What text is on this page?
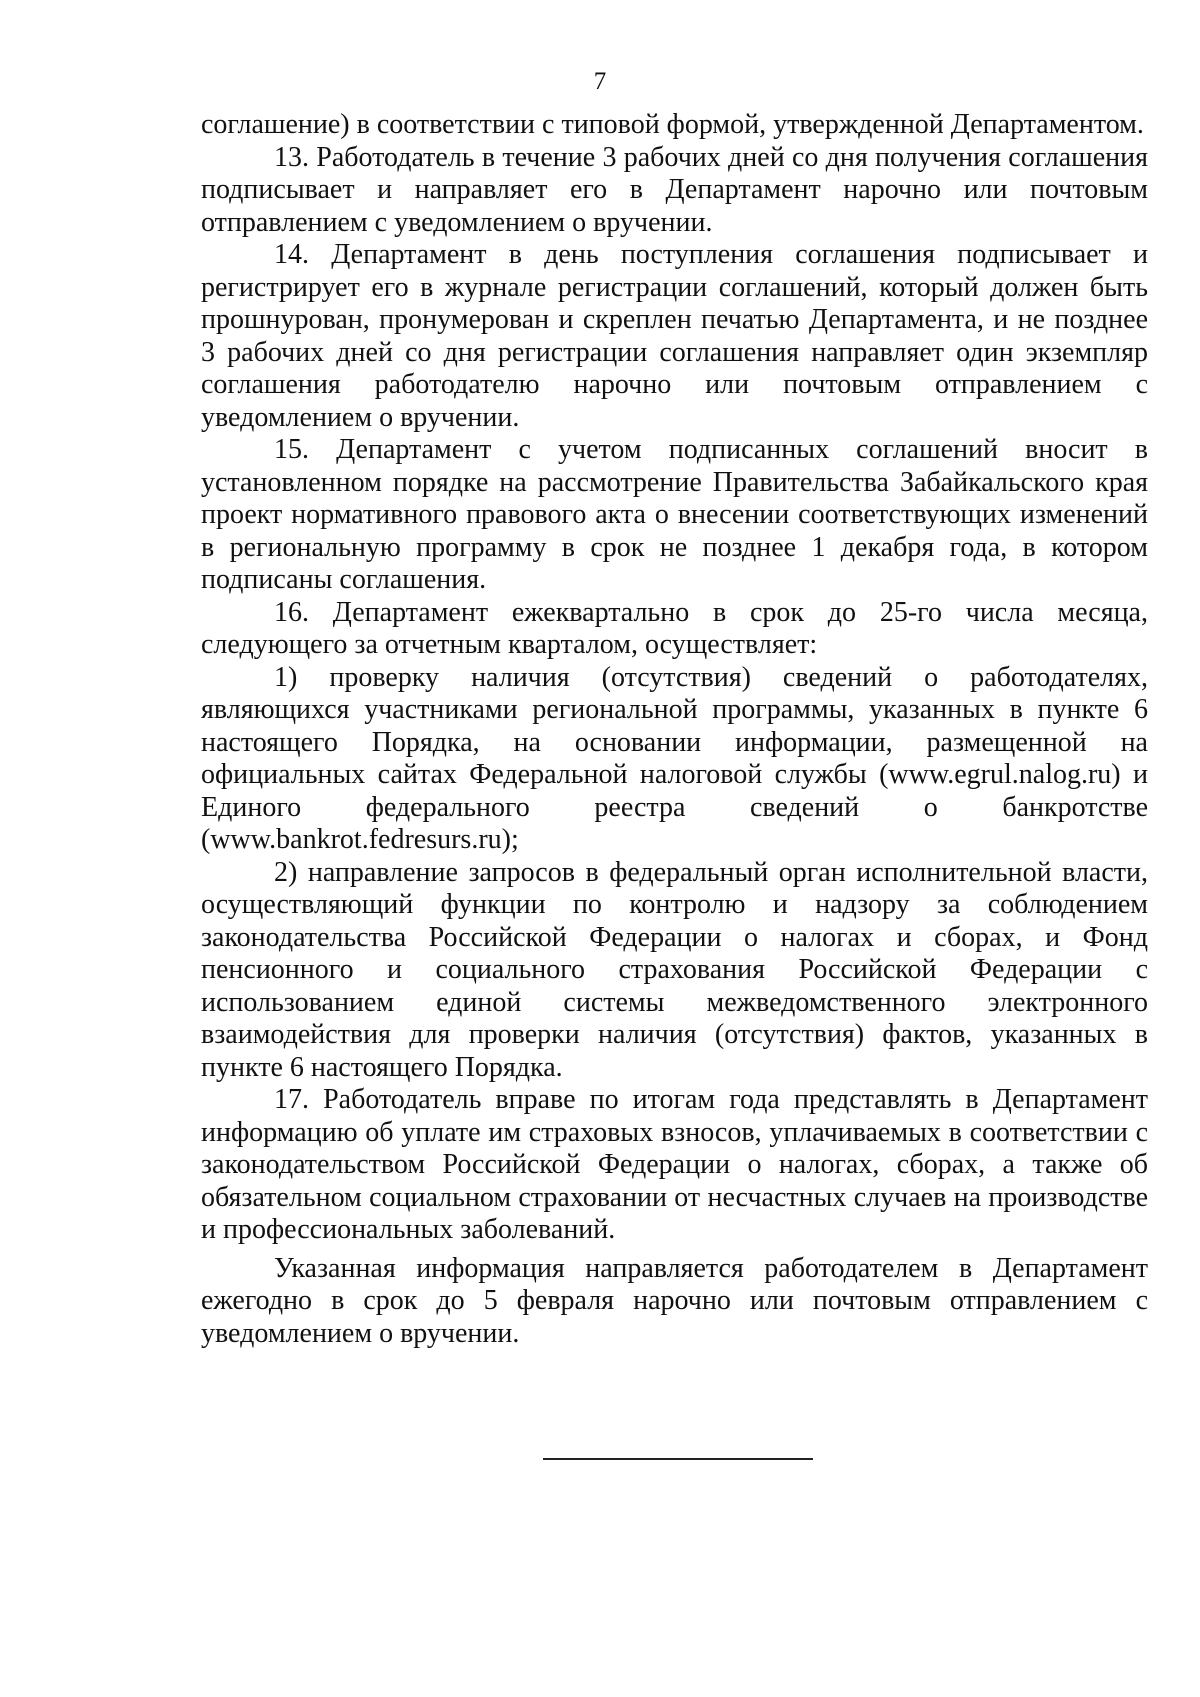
7

соглашение) в соответствии с типовой формой, утвержденной Департаментом.

13. Работодатель в течение 3 рабочих дней со дня получения соглашения подписывает и направляет его в Департамент нарочно или почтовым отправлением с уведомлением о вручении.

14. Департамент в день поступления соглашения подписывает и регистрирует его в журнале регистрации соглашений, который должен быть прошнурован, пронумерован и скреплен печатью Департамента, и не позднее 3 рабочих дней со дня регистрации соглашения направляет один экземпляр соглашения работодателю нарочно или почтовым отправлением с уведомлением о вручении.

15. Департамент с учетом подписанных соглашений вносит в установленном порядке на рассмотрение Правительства Забайкальского края проект нормативного правового акта о внесении соответствующих изменений в региональную программу в срок не позднее 1 декабря года, в котором подписаны соглашения.

16. Департамент ежеквартально в срок до 25-го числа месяца, следующего за отчетным кварталом, осуществляет:

1) проверку наличия (отсутствия) сведений о работодателях, являющихся участниками региональной программы, указанных в пункте 6 настоящего Порядка, на основании информации, размещенной на официальных сайтах Федеральной налоговой службы (www.egrul.nalog.ru) и Единого федерального реестра сведений о банкротстве (www.bankrot.fedresurs.ru);

2) направление запросов в федеральный орган исполнительной власти, осуществляющий функции по контролю и надзору за соблюдением законодательства Российской Федерации о налогах и сборах, и Фонд пенсионного и социального страхования Российской Федерации с использованием единой системы межведомственного электронного взаимодействия для проверки наличия (отсутствия) фактов, указанных в пункте 6 настоящего Порядка.

17. Работодатель вправе по итогам года представлять в Департамент информацию об уплате им страховых взносов, уплачиваемых в соответствии с законодательством Российской Федерации о налогах, сборах, а также об обязательном социальном страховании от несчастных случаев на производстве и профессиональных заболеваний.

Указанная информация направляется работодателем в Департамент ежегодно в срок до 5 февраля нарочно или почтовым отправлением с уведомлением о вручении.
